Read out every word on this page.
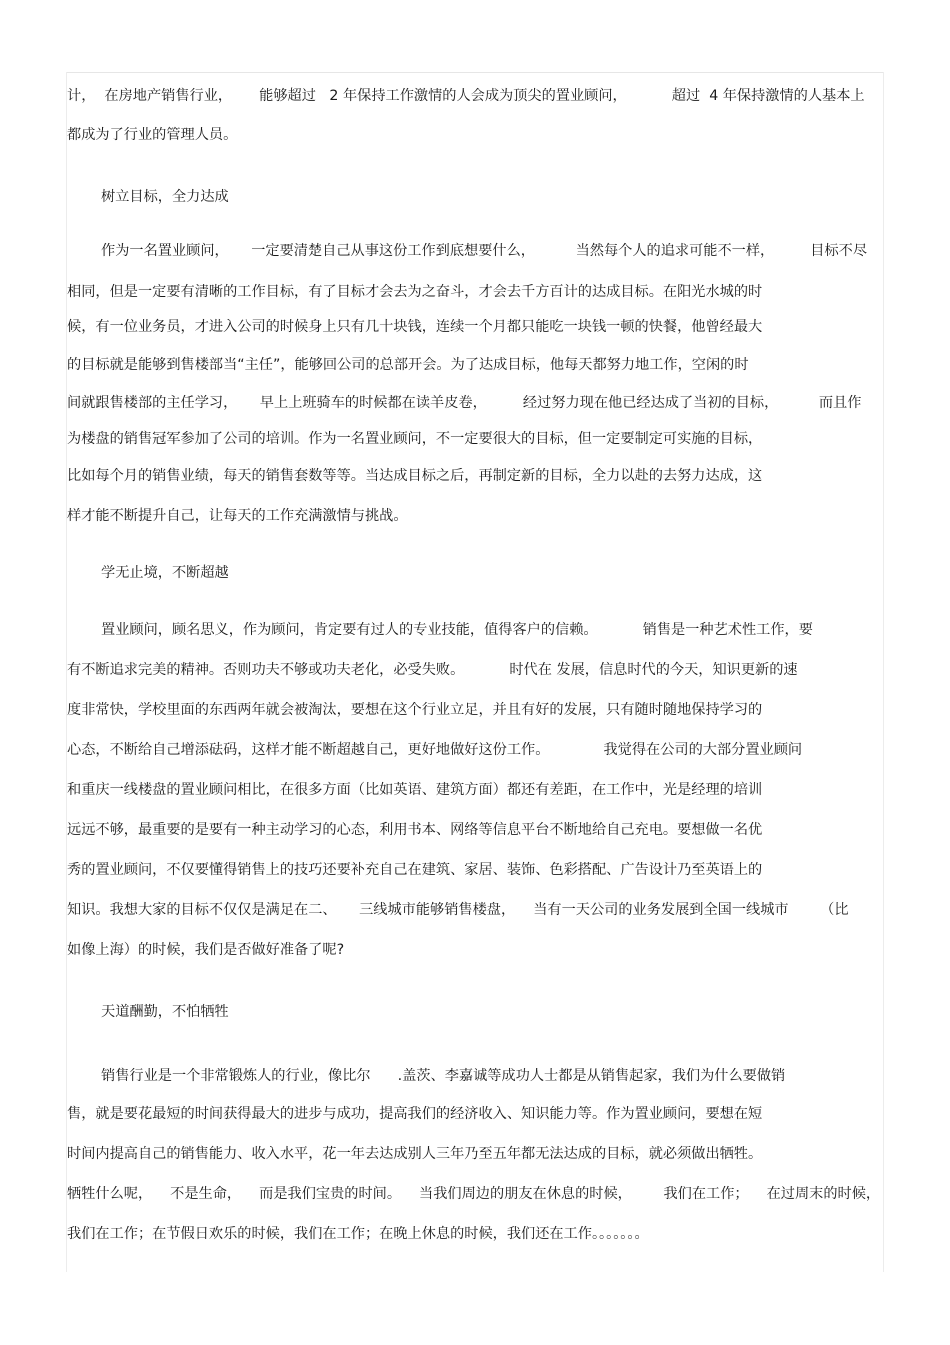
计，  在房地产销售行业，      能够超过   2 年保持工作激情的人会成为顶尖的置业顾问，          超过  4 年保持激情的人基本上
都成为了行业的管理人员。
树立目标，全力达成
作为一名置业顾问，     一定要清楚自己从事这份工作到底想要什么，         当然每个人的追求可能不一样，        目标不尽
相同，但是一定要有清晰的工作目标，有了目标才会去为之奋斗，才会去千方百计的达成目标。在阳光水城的时
候，有一位业务员，才进入公司的时候身上只有几十块钱，连续一个月都只能吃一块钱一顿的快餐，他曾经最大
的目标就是能够到售楼部当“主任”，能够回公司的总部开会。为了达成目标，他每天都努力地工作，空闲的时
间就跟售楼部的主任学习，     早上上班骑车的时候都在读羊皮卷，        经过努力现在他已经达成了当初的目标，         而且作
为楼盘的销售冠军参加了公司的培训。作为一名置业顾问，不一定要很大的目标，但一定要制定可实施的目标，
比如每个月的销售业绩，每天的销售套数等等。当达成目标之后，再制定新的目标，全力以赴的去努力达成，这
样才能不断提升自己，让每天的工作充满激情与挑战。
学无止境，不断超越
置业顾问，顾名思义，作为顾问，肯定要有过人的专业技能，值得客户的信赖。          销售是一种艺术性工作，要
有不断追求完美的精神。否则功夫不够或功夫老化，必受失败。          时代在 发展，信息时代的今天，知识更新的速
度非常快，学校里面的东西两年就会被淘汰，要想在这个行业立足，并且有好的发展，只有随时随地保持学习的
心态，不断给自己增添砝码，这样才能不断超越自己，更好地做好这份工作。            我觉得在公司的大部分置业顾问
和重庆一线楼盘的置业顾问相比，在很多方面（比如英语、建筑方面）都还有差距，在工作中，光是经理的培训
远远不够，最重要的是要有一种主动学习的心态，利用书本、网络等信息平台不断地给自己充电。要想做一名优
秀的置业顾问，不仅要懂得销售上的技巧还要补充自己在建筑、家居、装饰、色彩搭配、广告设计乃至英语上的
知识。我想大家的目标不仅仅是满足在二、     三线城市能够销售楼盘，    当有一天公司的业务发展到全国一线城市       （比
如像上海）的时候，我们是否做好准备了呢?
天道酬勤，不怕牺牲
销售行业是一个非常锻炼人的行业，像比尔      .盖茨、李嘉诚等成功人士都是从销售起家，我们为什么要做销
售，就是要花最短的时间获得最大的进步与成功，提高我们的经济收入、知识能力等。作为置业顾问，要想在短
时间内提高自己的销售能力、收入水平，花一年去达成别人三年乃至五年都无法达成的目标，就必须做出牺牲。
牺牲什么呢，    不是生命，    而是我们宝贵的时间。    当我们周边的朋友在休息的时候，       我们在工作；    在过周末的时候，
我们在工作；在节假日欢乐的时候，我们在工作；在晚上休息的时候，我们还在工作。。。。。。。
